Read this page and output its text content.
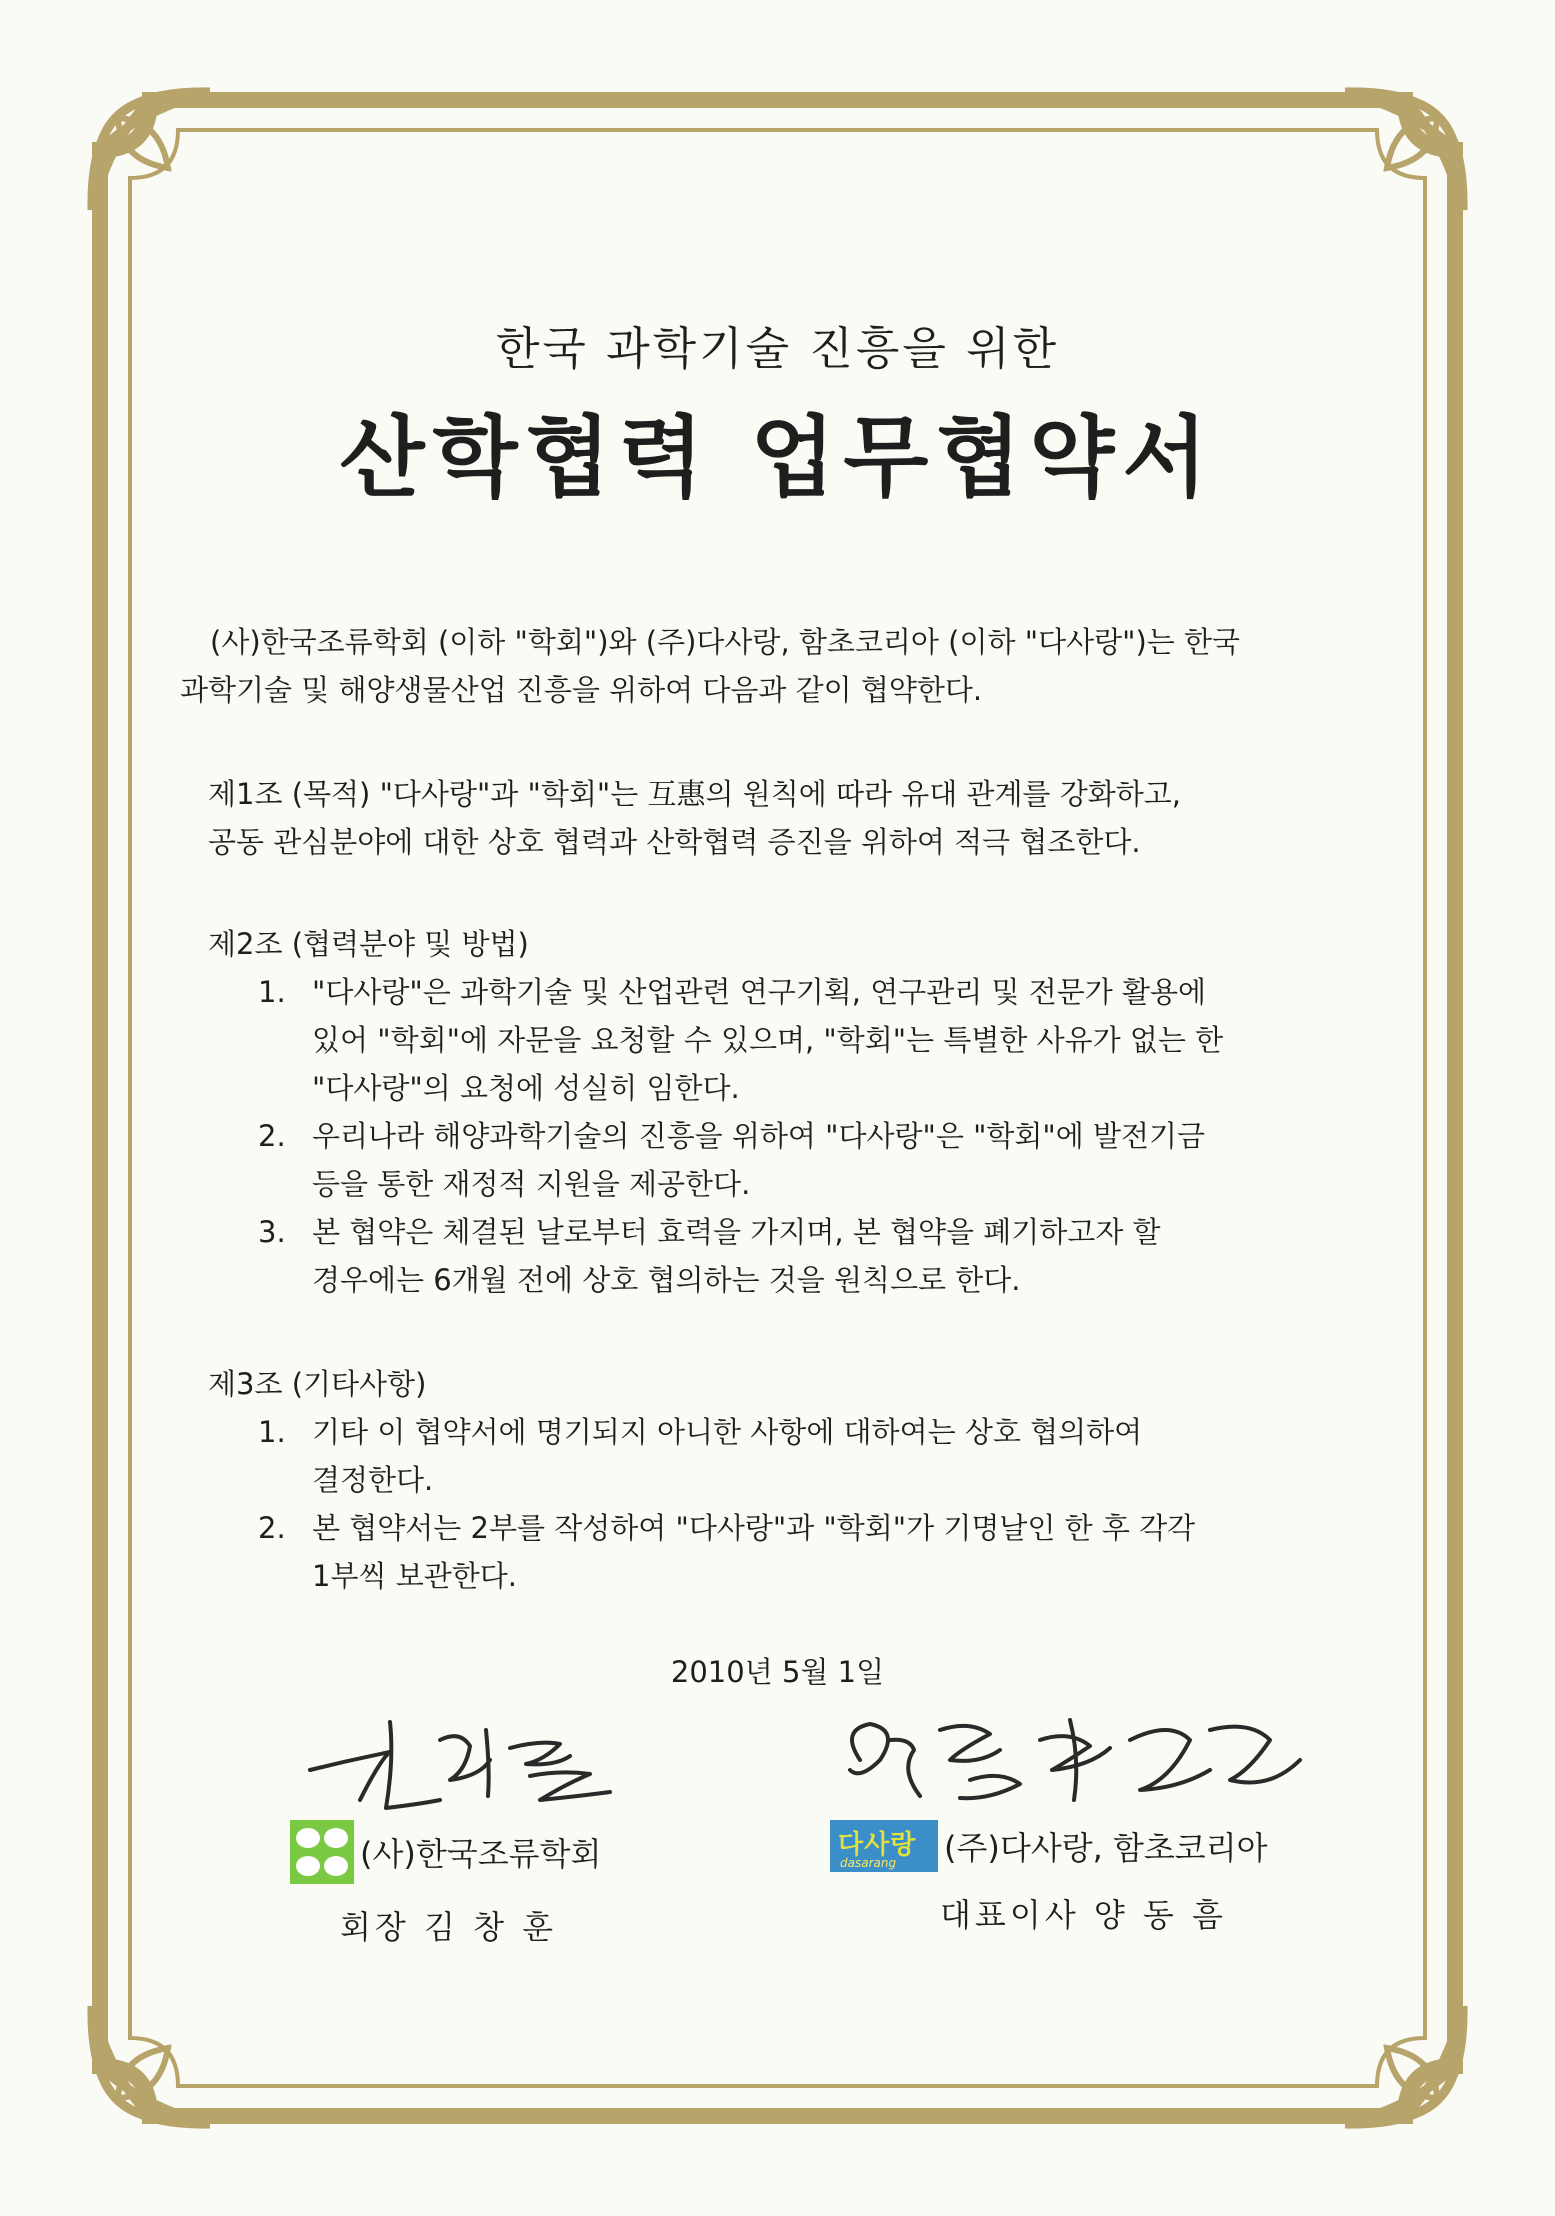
한국 과학기술 진흥을 위한
산학협력 업무협약서

(사)한국조류학회 (이하 "학회")와 (주)다사랑, 함초코리아 (이하 "다사랑")는 한국

과학기술 및 해양생물산업 진흥을 위하여 다음과 같이 협약한다.

제1조 (목적) "다사랑"과 "학회"는 互惠의 원칙에 따라 유대 관계를 강화하고,

공동 관심분야에 대한 상호 협력과 산학협력 증진을 위하여 적극 협조한다.

제2조 (협력분야 및 방법)

1. "다사랑"은 과학기술 및 산업관련 연구기획, 연구관리 및 전문가 활용에

있어 "학회"에 자문을 요청할 수 있으며, "학회"는 특별한 사유가 없는 한

"다사랑"의 요청에 성실히 임한다.

2. 우리나라 해양과학기술의 진흥을 위하여 "다사랑"은 "학회"에 발전기금

등을 통한 재정적 지원을 제공한다.

3. 본 협약은 체결된 날로부터 효력을 가지며, 본 협약을 폐기하고자 할

경우에는 6개월 전에 상호 협의하는 것을 원칙으로 한다.

제3조 (기타사항)

1. 기타 이 협약서에 명기되지 아니한 사항에 대하여는 상호 협의하여

결정한다.

2. 본 협약서는 2부를 작성하여 "다사랑"과 "학회"가 기명날인 한 후 각각

1부씩 보관한다.

2010년 5월 1일
(사)한국조류학회
회장 김 창 훈
다사랑
dasarang (주)다사랑, 함초코리아
대표이사 양 동 흠
